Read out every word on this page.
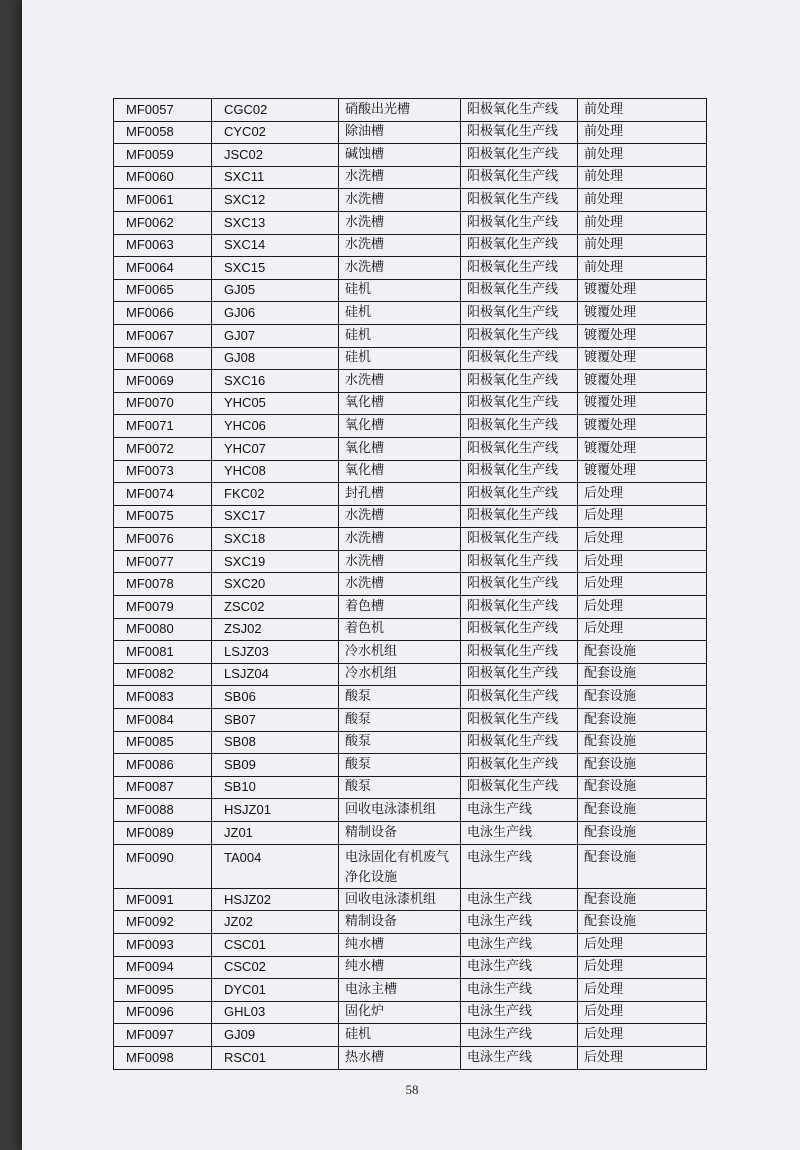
MF0057	CGC02	硝酸出光槽	阳极氧化生产线	前处理
MF0058	CYC02	除油槽	阳极氧化生产线	前处理
MF0059	JSC02	碱蚀槽	阳极氧化生产线	前处理
MF0060	SXC11	水洗槽	阳极氧化生产线	前处理
MF0061	SXC12	水洗槽	阳极氧化生产线	前处理
MF0062	SXC13	水洗槽	阳极氧化生产线	前处理
MF0063	SXC14	水洗槽	阳极氧化生产线	前处理
MF0064	SXC15	水洗槽	阳极氧化生产线	前处理
MF0065	GJ05	硅机	阳极氧化生产线	镀覆处理
MF0066	GJ06	硅机	阳极氧化生产线	镀覆处理
MF0067	GJ07	硅机	阳极氧化生产线	镀覆处理
MF0068	GJ08	硅机	阳极氧化生产线	镀覆处理
MF0069	SXC16	水洗槽	阳极氧化生产线	镀覆处理
MF0070	YHC05	氧化槽	阳极氧化生产线	镀覆处理
MF0071	YHC06	氧化槽	阳极氧化生产线	镀覆处理
MF0072	YHC07	氧化槽	阳极氧化生产线	镀覆处理
MF0073	YHC08	氧化槽	阳极氧化生产线	镀覆处理
MF0074	FKC02	封孔槽	阳极氧化生产线	后处理
MF0075	SXC17	水洗槽	阳极氧化生产线	后处理
MF0076	SXC18	水洗槽	阳极氧化生产线	后处理
MF0077	SXC19	水洗槽	阳极氧化生产线	后处理
MF0078	SXC20	水洗槽	阳极氧化生产线	后处理
MF0079	ZSC02	着色槽	阳极氧化生产线	后处理
MF0080	ZSJ02	着色机	阳极氧化生产线	后处理
MF0081	LSJZ03	冷水机组	阳极氧化生产线	配套设施
MF0082	LSJZ04	冷水机组	阳极氧化生产线	配套设施
MF0083	SB06	酸泵	阳极氧化生产线	配套设施
MF0084	SB07	酸泵	阳极氧化生产线	配套设施
MF0085	SB08	酸泵	阳极氧化生产线	配套设施
MF0086	SB09	酸泵	阳极氧化生产线	配套设施
MF0087	SB10	酸泵	阳极氧化生产线	配套设施
MF0088	HSJZ01	回收电泳漆机组	电泳生产线	配套设施
MF0089	JZ01	精制设备	电泳生产线	配套设施
MF0090	TA004	电泳固化有机废气净化设施	电泳生产线	配套设施
MF0091	HSJZ02	回收电泳漆机组	电泳生产线	配套设施
MF0092	JZ02	精制设备	电泳生产线	配套设施
MF0093	CSC01	纯水槽	电泳生产线	后处理
MF0094	CSC02	纯水槽	电泳生产线	后处理
MF0095	DYC01	电泳主槽	电泳生产线	后处理
MF0096	GHL03	固化炉	电泳生产线	后处理
MF0097	GJ09	硅机	电泳生产线	后处理
MF0098	RSC01	热水槽	电泳生产线	后处理
58
